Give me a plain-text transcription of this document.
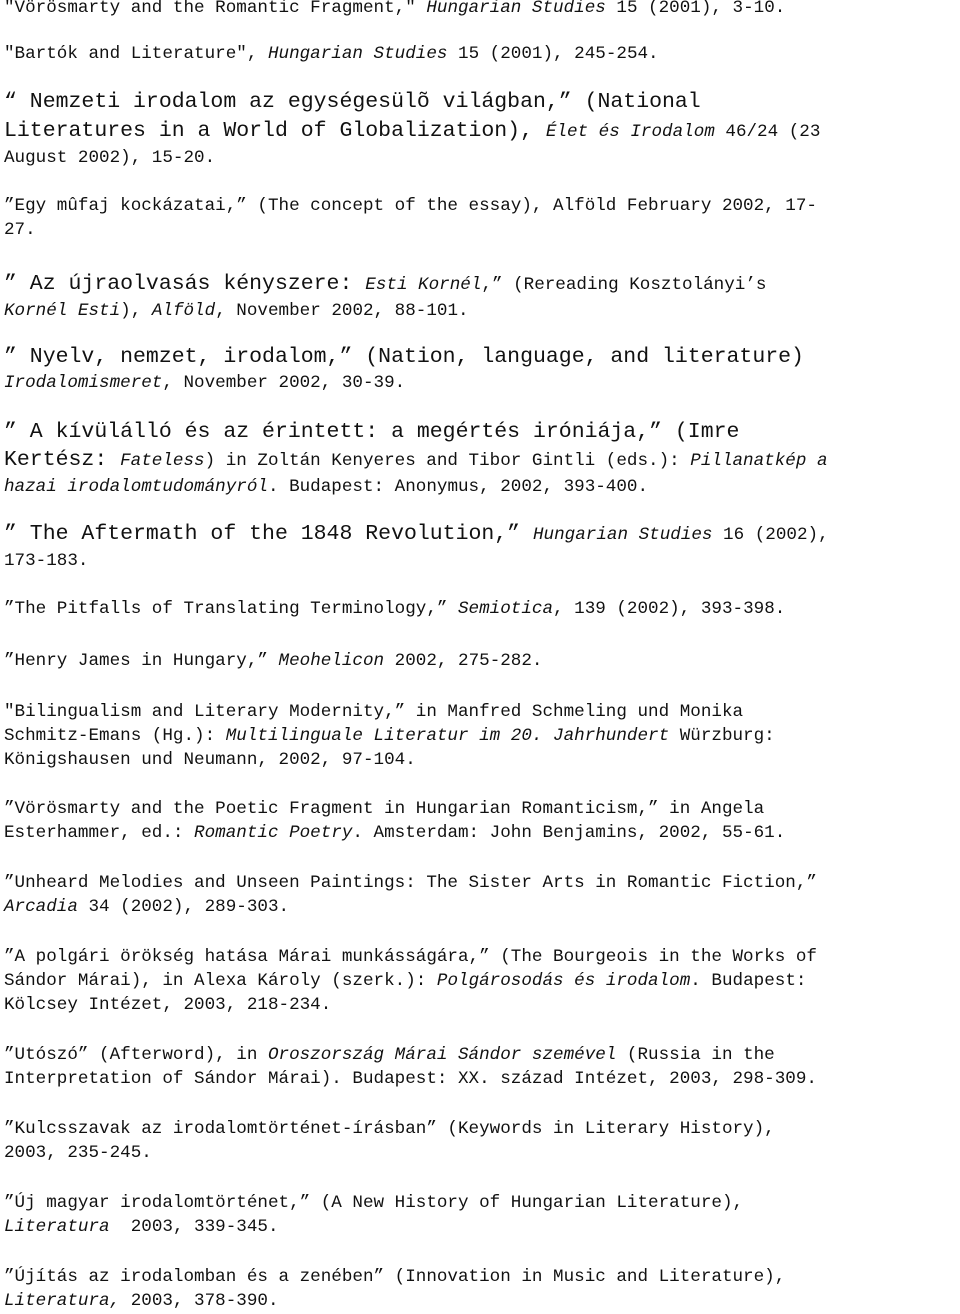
"Vörösmarty and the Romantic Fragment," Hungarian Studies 15 (2001), 3-10.
"Bartók and Literature", Hungarian Studies 15 (2001), 245-254.
“ Nemzeti irodalom az egységesülõ világban,” (National
Literatures in a World of Globalization), Élet és Irodalom 46/24 (23
August 2002), 15-20.
”Egy mûfaj kockázatai,” (The concept of the essay), Alföld February 2002, 17-
27.
” Az újraolvasás kényszere: Esti Kornél,” (Rereading Kosztolányi’s
Kornél Esti), Alföld, November 2002, 88-101.
” Nyelv, nemzet, irodalom,” (Nation, language, and literature)
Irodalomismeret, November 2002, 30-39.
” A kívülálló és az érintett: a megértés iróniája,” (Imre
Kertész: Fateless) in Zoltán Kenyeres and Tibor Gintli (eds.): Pillanatkép a
hazai irodalomtudományról. Budapest: Anonymus, 2002, 393-400.
” The Aftermath of the 1848 Revolution,” Hungarian Studies 16 (2002),
173-183.
”The Pitfalls of Translating Terminology,” Semiotica, 139 (2002), 393-398.
”Henry James in Hungary,” Meohelicon 2002, 275-282.
"Bilingualism and Literary Modernity,” in Manfred Schmeling und Monika
Schmitz-Emans (Hg.): Multilinguale Literatur im 20. Jahrhundert Würzburg:
Königshausen und Neumann, 2002, 97-104.
”Vörösmarty and the Poetic Fragment in Hungarian Romanticism,” in Angela
Esterhammer, ed.: Romantic Poetry. Amsterdam: John Benjamins, 2002, 55-61.
”Unheard Melodies and Unseen Paintings: The Sister Arts in Romantic Fiction,”
Arcadia 34 (2002), 289-303.
”A polgári örökség hatása Márai munkásságára,” (The Bourgeois in the Works of
Sándor Márai), in Alexa Károly (szerk.): Polgárosodás és irodalom. Budapest:
Kölcsey Intézet, 2003, 218-234.
”Utószó” (Afterword), in Oroszország Márai Sándor szemével (Russia in the
Interpretation of Sándor Márai). Budapest: XX. század Intézet, 2003, 298-309.
”Kulcsszavak az irodalomtörténet-írásban” (Keywords in Literary History),
2003, 235-245.
”Új magyar irodalomtörténet,” (A New History of Hungarian Literature),
Literatura  2003, 339-345.
”Újítás az irodalomban és a zenében” (Innovation in Music and Literature),
Literatura, 2003, 378-390.
